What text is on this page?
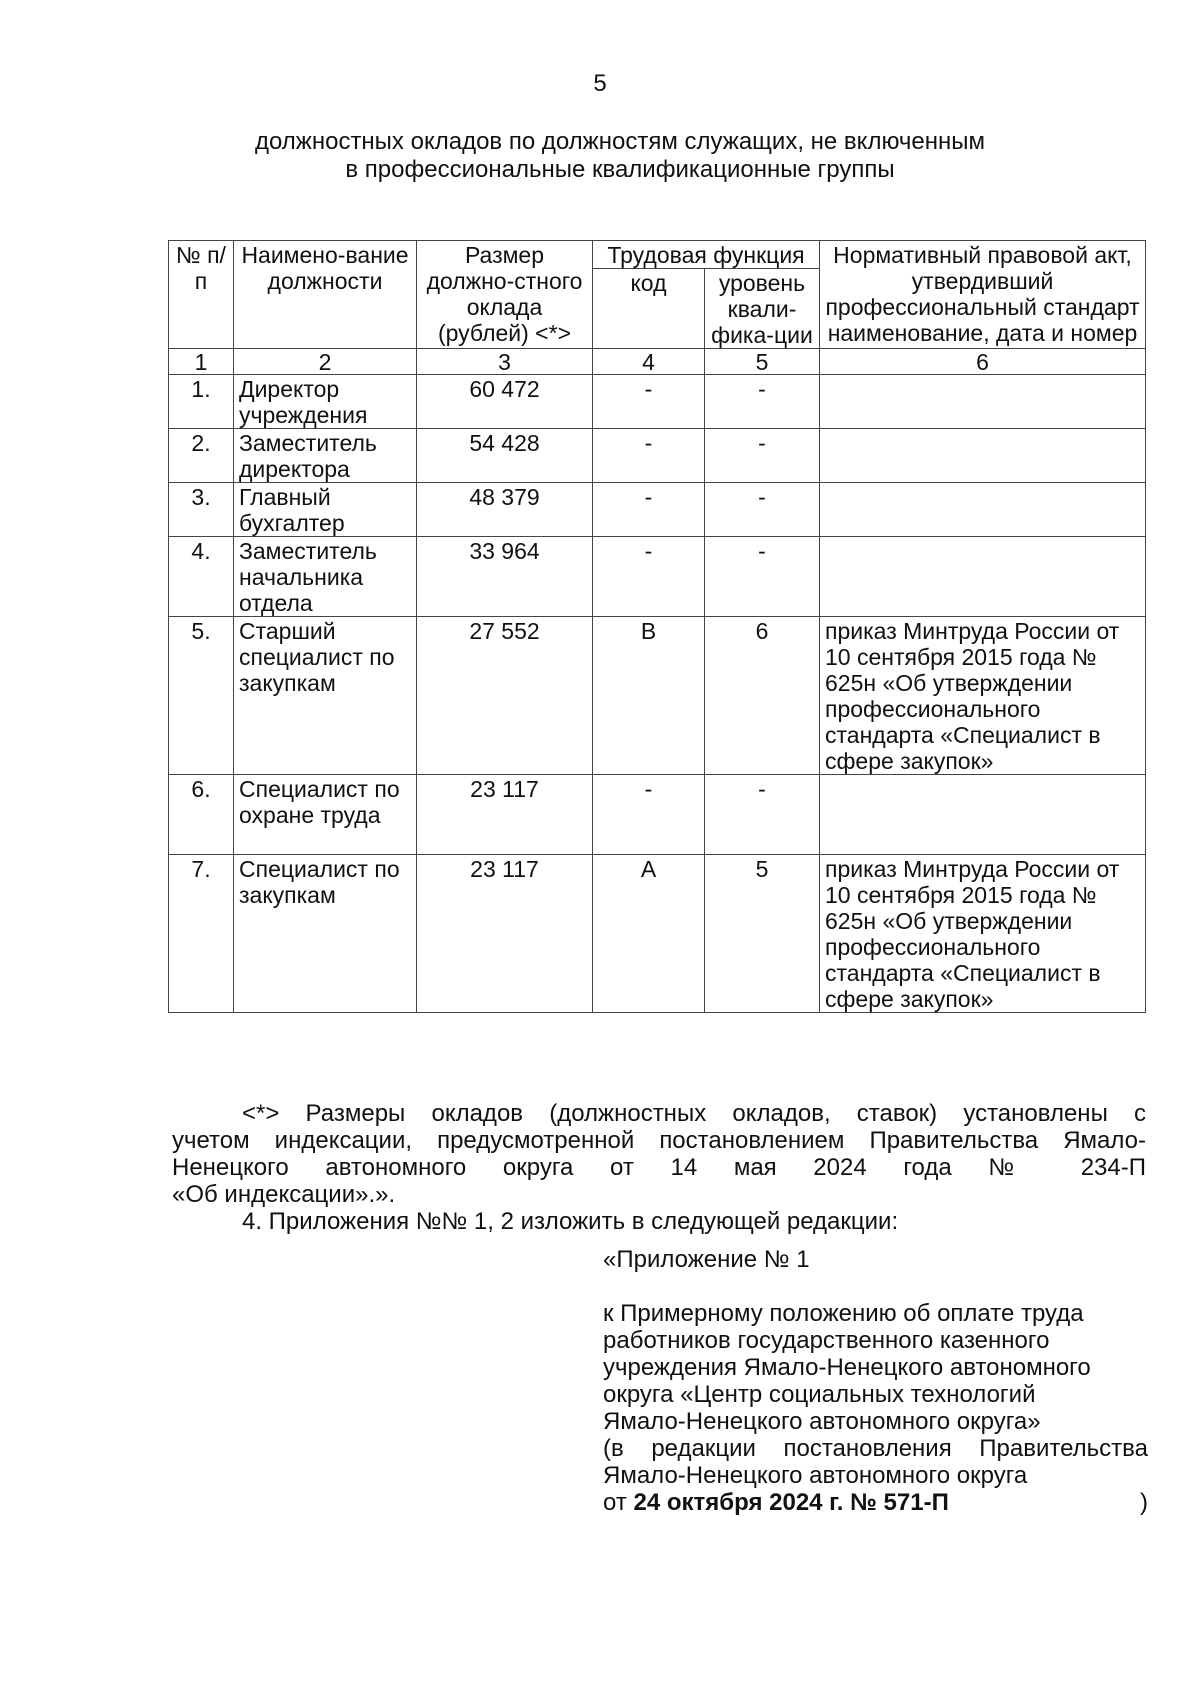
5
должностных окладов по должностям служащих, не включенным
в профессиональные квалификационные группы
№ п/п	Наимено-вание должности	Размер должно-стного оклада (рублей) <*>	Трудовая функция		Нормативный правовой акт, утвердивший профессиональный стандарт наименование, дата и номер
			код	уровень квали-фика-ции	
1	2	3	4	5	6
1.	Директор учреждения	60 472	-	-	
2.	Заместитель директора	54 428	-	-	
3.	Главный бухгалтер	48 379	-	-	
4.	Заместитель начальника отдела	33 964	-	-	
5.	Старший специалист по закупкам	27 552	В	6	приказ Минтруда России от 10 сентября 2015 года № 625н «Об утверждении профессионального стандарта «Специалист в сфере закупок»
6.	Специалист по охране труда	23 117	-	-	
7.	Специалист по закупкам	23 117	А	5	приказ Минтруда России от 10 сентября 2015 года № 625н «Об утверждении профессионального стандарта «Специалист в сфере закупок»

<*> Размеры окладов (должностных окладов, ставок) установлены с

учетом индексации, предусмотренной постановлением Правительства Ямало-

Ненецкого автономного округа от 14 мая 2024 года № 234-П

«Об индексации».».

4. Приложения №№ 1, 2 изложить в следующей редакции:

«Приложение № 1

к Примерному положению об оплате труда

работников государственного казенного

учреждения Ямало-Ненецкого автономного

округа «Центр социальных технологий

Ямало-Ненецкого автономного округа»

(в редакции постановления Правительства

Ямало-Ненецкого автономного округа

от 24 октября 2024 г. № 571-П	)
